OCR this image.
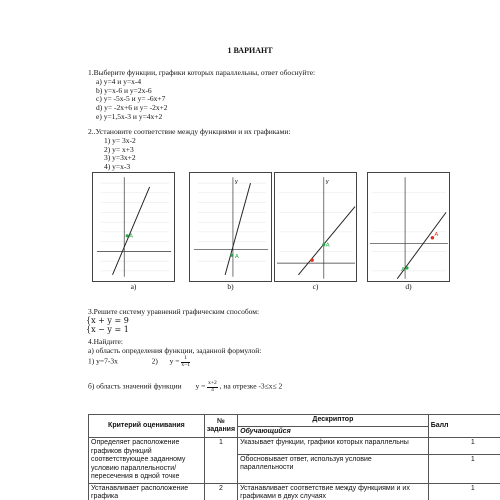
1 ВАРИАНТ
1.Выберите функции, графики которых параллельны, ответ обоснуйте:
a) y=4 и y=x-4
b) y=x-6 и y=2x-6
c) y= -5x-5 и y= -6x+7
d) y= -2x+6 и y= -2x+2
e) y=1,5x-3 и y=4x+2
2..Установите соответствие между функциями и их графиками:
1) y= 3x-2
2) y= x+3
3) y=3x+2
4) y=x-3
A
а)
y
A
b)
y
A
c)
A
A
d)
3.Решите систему уравнений графическим способом:
{x + y = 9
{x − y = 1
4.Найдите:
а) область определения функции, заданной формулой:
1) y=7-3x	2) $y = \frac{1}{x-1}$
б) область значений функции $y = \frac{x+2}{4}$ , на отрезке -3≤x≤ 2
Критерий оценивания	№ задания	Дескриптор	Балл
		Обучающийся	
Определяет расположение графиков функций соответствующее заданному условию параллельности/ пересечения в одной точке	1	Указывает функции, графики которых параллельны	1
		Обосновывает ответ, используя условие параллельности	1
Устанавливает расположение графика	2	Устанавливает соответствие между функциями и их графиками в двух случаях	1
